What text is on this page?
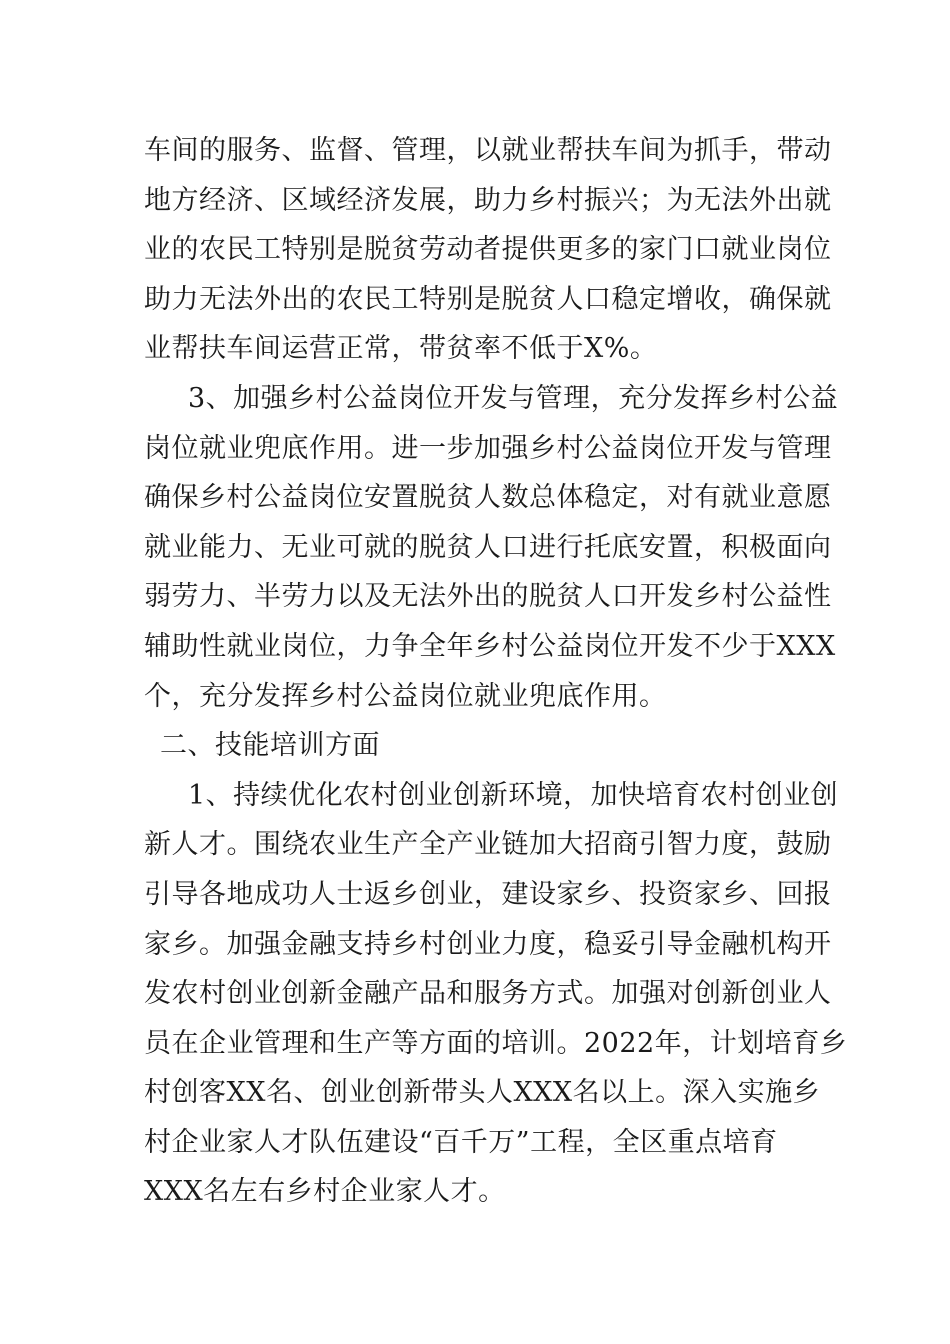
车间的服务、监督、管理，以就业帮扶车间为抓手，带动
地方经济、区域经济发展，助力乡村振兴；为无法外出就
业的农民工特别是脱贫劳动者提供更多的家门口就业岗位
助力无法外出的农民工特别是脱贫人口稳定增收，确保就
业帮扶车间运营正常，带贫率不低于X%。
3、加强乡村公益岗位开发与管理，充分发挥乡村公益
岗位就业兜底作用。进一步加强乡村公益岗位开发与管理
确保乡村公益岗位安置脱贫人数总体稳定，对有就业意愿
就业能力、无业可就的脱贫人口进行托底安置，积极面向
弱劳力、半劳力以及无法外出的脱贫人口开发乡村公益性
辅助性就业岗位，力争全年乡村公益岗位开发不少于XXX
个，充分发挥乡村公益岗位就业兜底作用。
二、技能培训方面
1、持续优化农村创业创新环境，加快培育农村创业创
新人才。围绕农业生产全产业链加大招商引智力度，鼓励
引导各地成功人士返乡创业，建设家乡、投资家乡、回报
家乡。加强金融支持乡村创业力度，稳妥引导金融机构开
发农村创业创新金融产品和服务方式。加强对创新创业人
员在企业管理和生产等方面的培训。2022年，计划培育乡
村创客XX名、创业创新带头人XXX名以上。深入实施乡
村企业家人才队伍建设“百千万”工程，全区重点培育
XXX名左右乡村企业家人才。
